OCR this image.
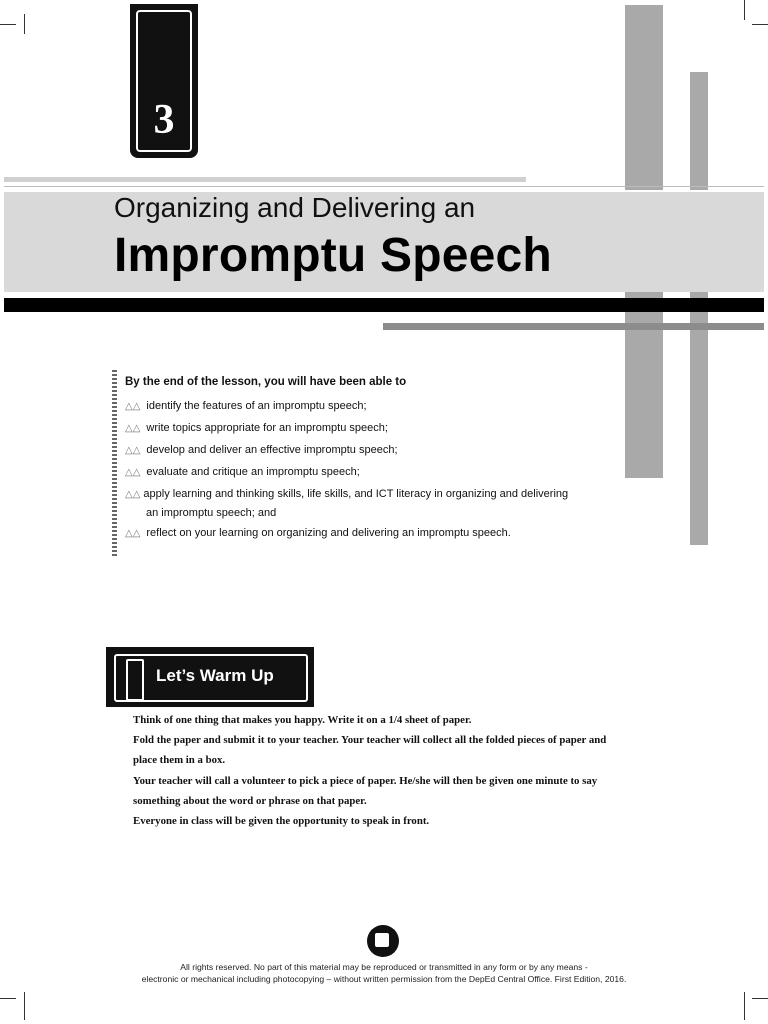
3
Organizing and Delivering an
Impromptu Speech
By the end of the lesson, you will have been able to
△△ identify the features of an impromptu speech;
△△ write topics appropriate for an impromptu speech;
△△ develop and deliver an effective impromptu speech;
△△ evaluate and critique an impromptu speech;
△△ apply learning and thinking skills, life skills, and ICT literacy in organizing and delivering
an impromptu speech; and
△△ reflect on your learning on organizing and delivering an impromptu speech.
Let’s Warm Up

Think of one thing that makes you happy. Write it on a 1/4 sheet of paper.

Fold the paper and submit it to your teacher. Your teacher will collect all the folded pieces of paper and

place them in a box.

Your teacher will call a volunteer to pick a piece of paper. He/she will then be given one minute to say

something about the word or phrase on that paper.

Everyone in class will be given the opportunity to speak in front.

All rights reserved. No part of this material may be reproduced or transmitted in any form or by any means -
electronic or mechanical including photocopying – without written permission from the DepEd Central Office. First Edition, 2016.
